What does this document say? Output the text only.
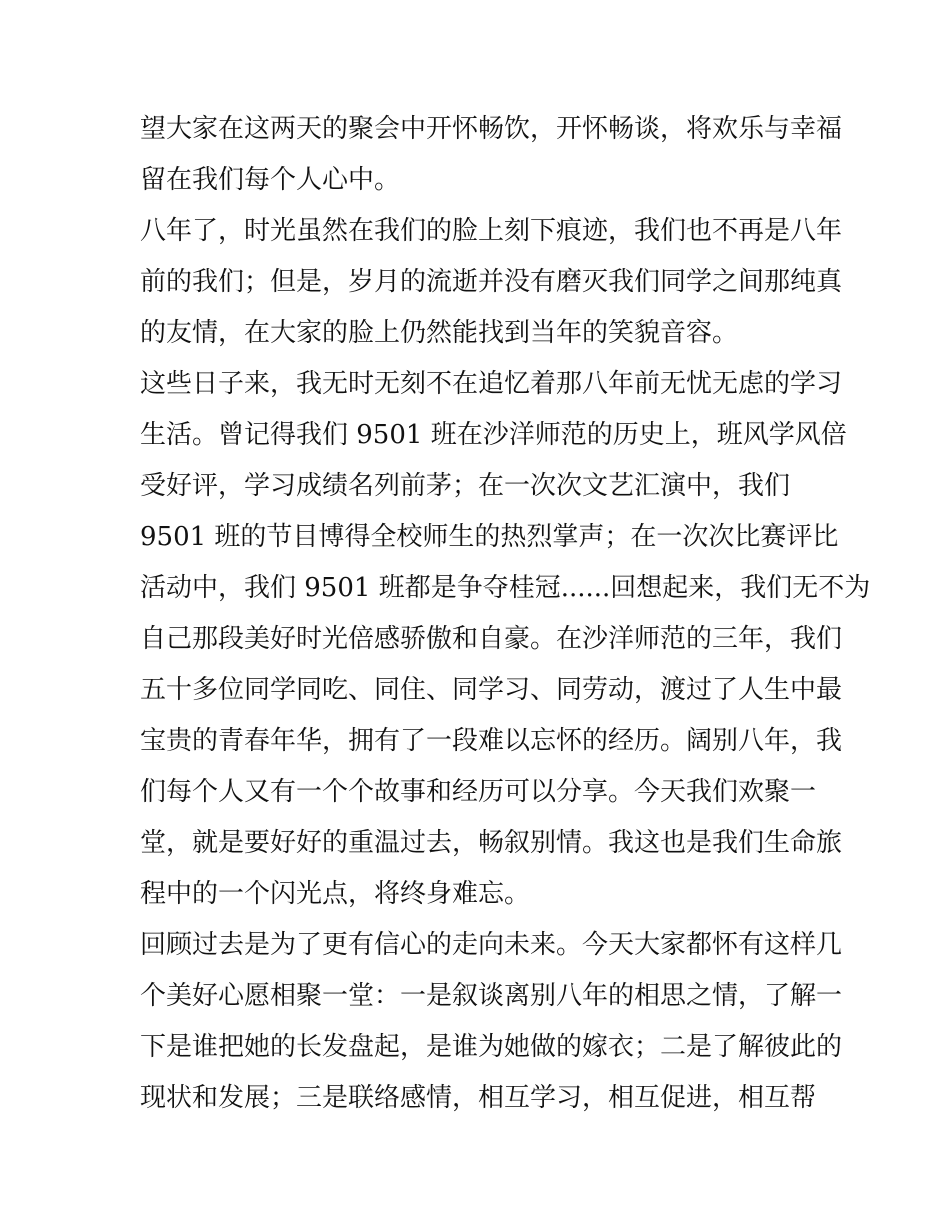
望大家在这两天的聚会中开怀畅饮，开怀畅谈，将欢乐与幸福
留在我们每个人心中。
八年了，时光虽然在我们的脸上刻下痕迹，我们也不再是八年
前的我们；但是，岁月的流逝并没有磨灭我们同学之间那纯真
的友情，在大家的脸上仍然能找到当年的笑貌音容。
这些日子来，我无时无刻不在追忆着那八年前无忧无虑的学习
生活。曾记得我们 9501 班在沙洋师范的历史上，班风学风倍
受好评，学习成绩名列前茅；在一次次文艺汇演中，我们
9501 班的节目博得全校师生的热烈掌声；在一次次比赛评比
活动中，我们 9501 班都是争夺桂冠......回想起来，我们无不为
自己那段美好时光倍感骄傲和自豪。在沙洋师范的三年，我们
五十多位同学同吃、同住、同学习、同劳动，渡过了人生中最
宝贵的青春年华，拥有了一段难以忘怀的经历。阔别八年，我
们每个人又有一个个故事和经历可以分享。今天我们欢聚一
堂，就是要好好的重温过去，畅叙别情。我这也是我们生命旅
程中的一个闪光点，将终身难忘。
回顾过去是为了更有信心的走向未来。今天大家都怀有这样几
个美好心愿相聚一堂：一是叙谈离别八年的相思之情，了解一
下是谁把她的长发盘起，是谁为她做的嫁衣；二是了解彼此的
现状和发展；三是联络感情，相互学习，相互促进，相互帮
